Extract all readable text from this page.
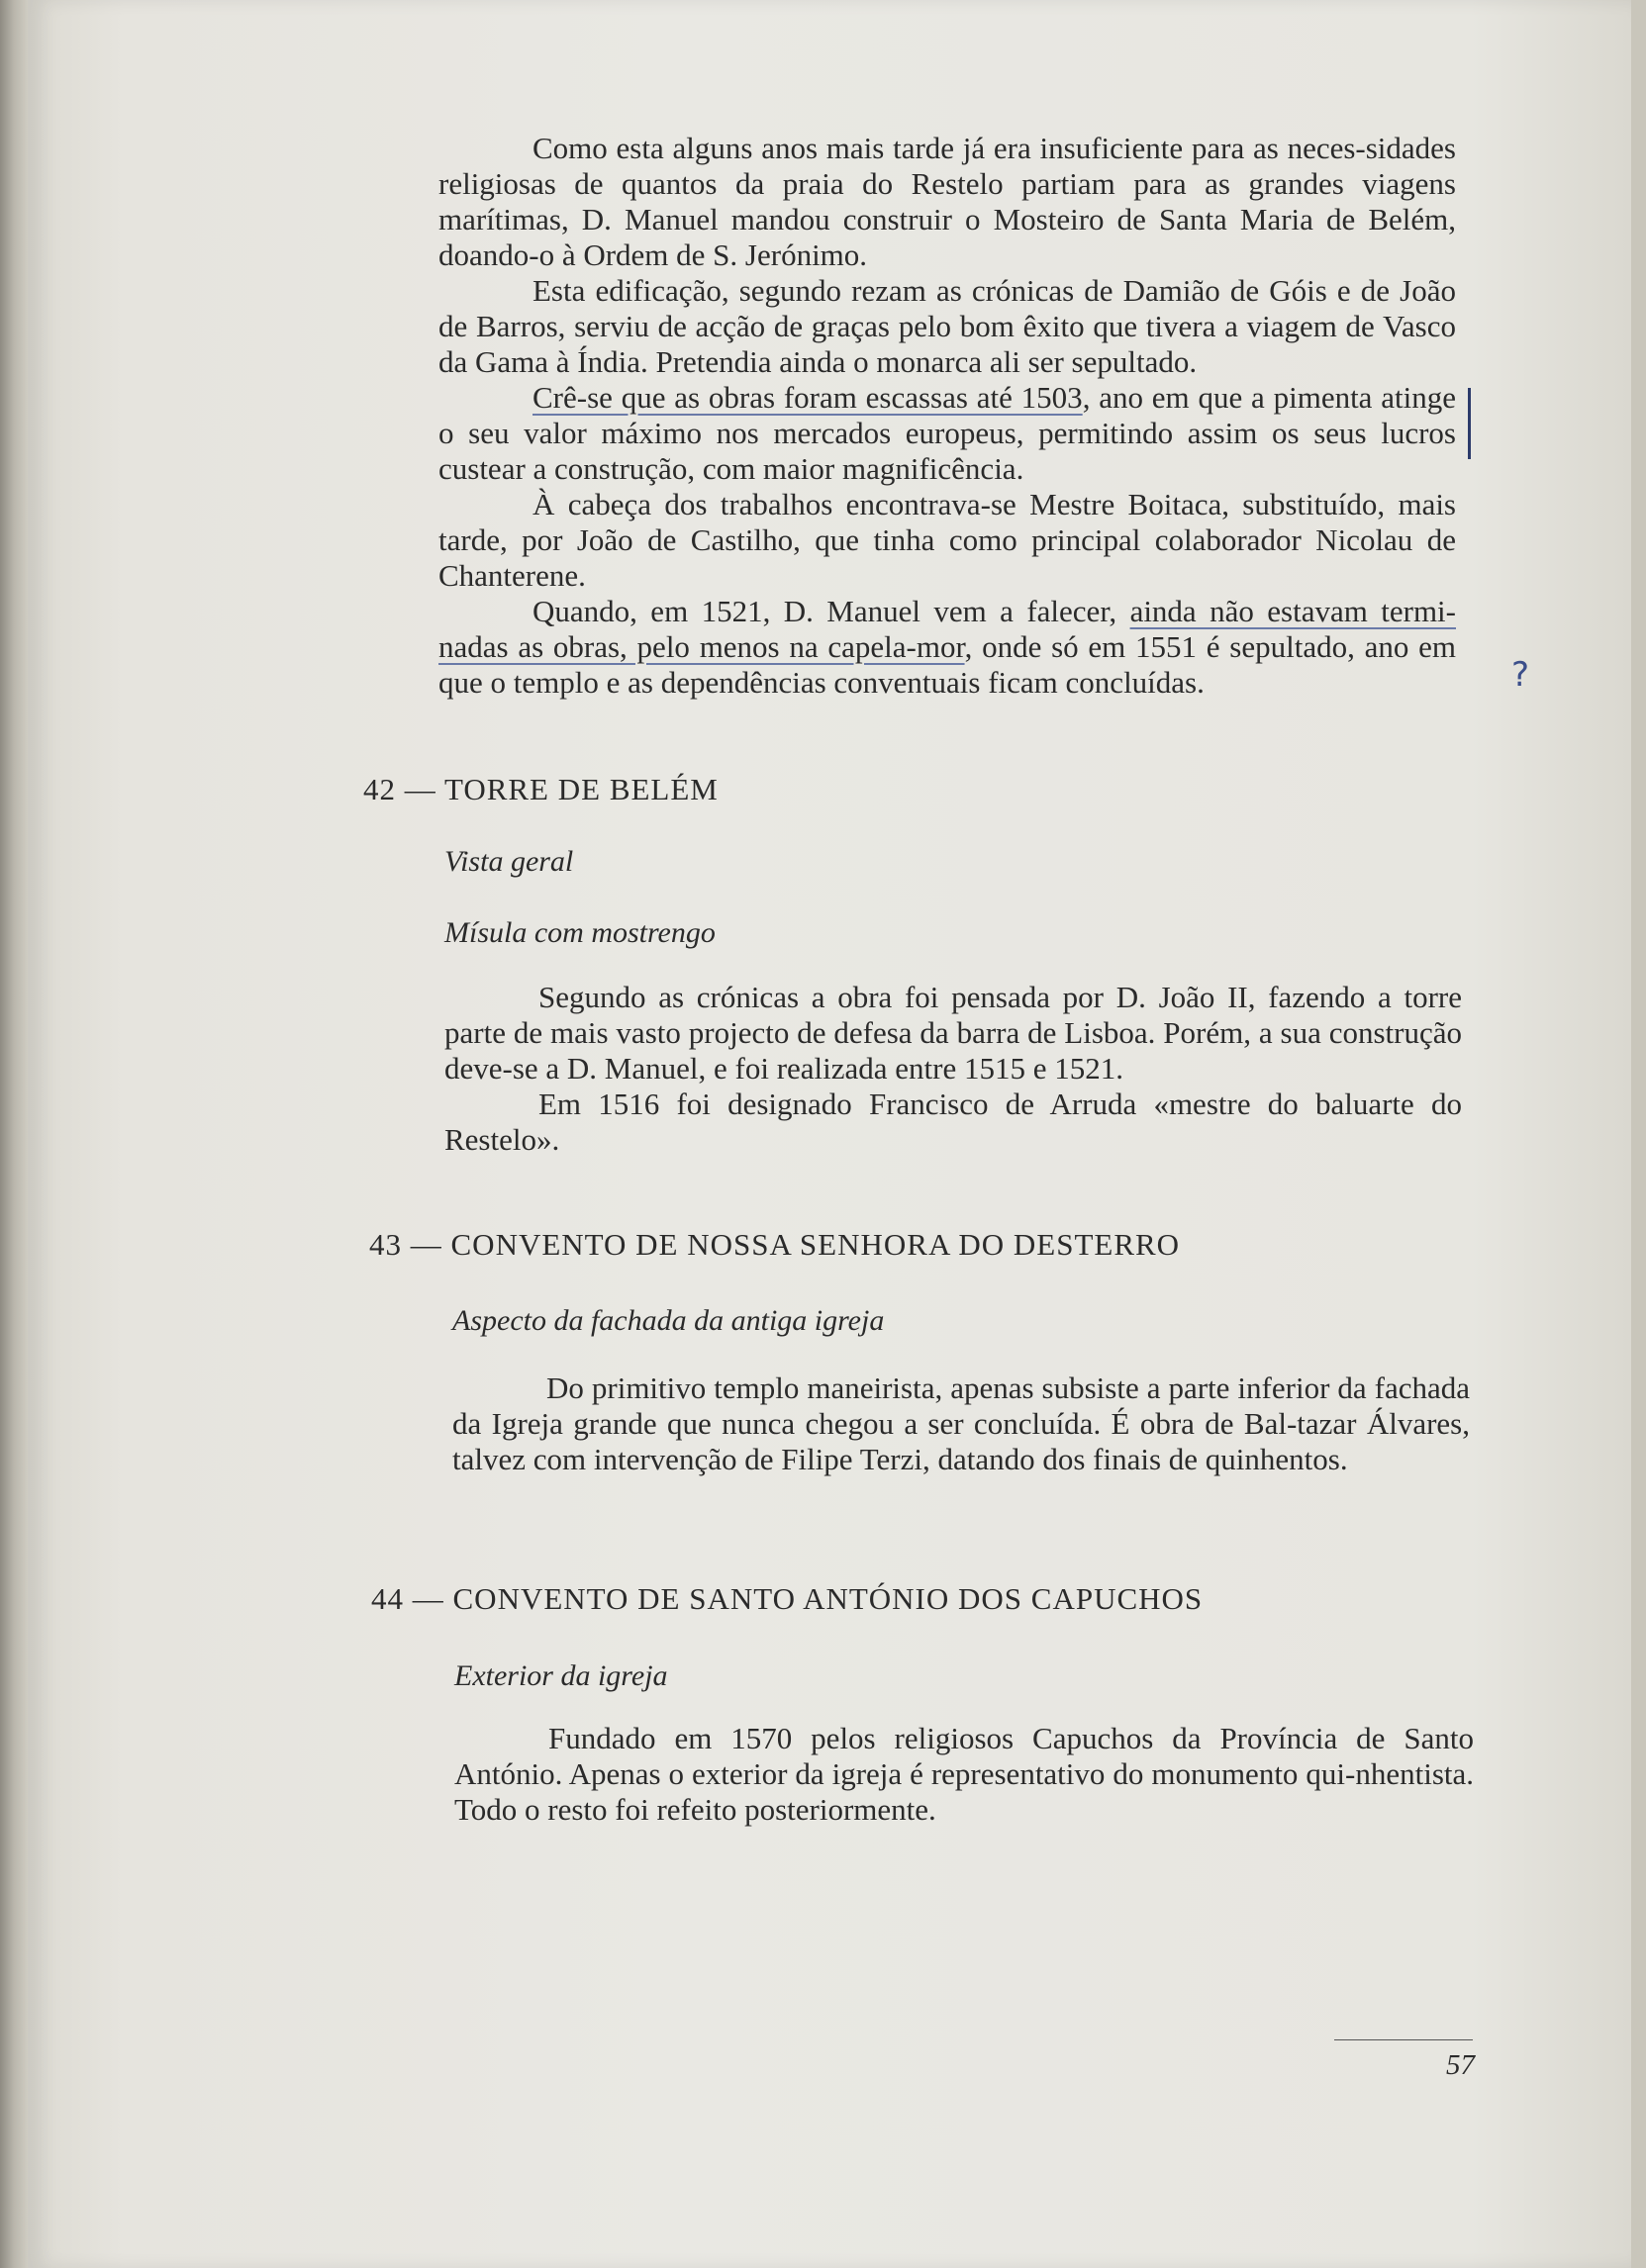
Como esta alguns anos mais tarde já era insuficiente para as neces-sidades religiosas de quantos da praia do Restelo partiam para as grandes viagens marítimas, D. Manuel mandou construir o Mosteiro de Santa Maria de Belém, doando-o à Ordem de S. Jerónimo.

Esta edificação, segundo rezam as crónicas de Damião de Góis e de João de Barros, serviu de acção de graças pelo bom êxito que tivera a viagem de Vasco da Gama à Índia. Pretendia ainda o monarca ali ser sepultado.

Crê-se que as obras foram escassas até 1503, ano em que a pimenta atinge o seu valor máximo nos mercados europeus, permitindo assim os seus lucros custear a construção, com maior magnificência.

À cabeça dos trabalhos encontrava-se Mestre Boitaca, substituído, mais tarde, por João de Castilho, que tinha como principal colaborador Nicolau de Chanterene.

Quando, em 1521, D. Manuel vem a falecer, ainda não estavam termi-nadas as obras, pelo menos na capela-mor, onde só em 1551 é sepultado, ano em que o templo e as dependências conventuais ficam concluídas.	?
42 — TORRE DE BELÉM
Vista geral
Mísula com mostrengo

Segundo as crónicas a obra foi pensada por D. João II, fazendo a torre parte de mais vasto projecto de defesa da barra de Lisboa. Porém, a sua construção deve-se a D. Manuel, e foi realizada entre 1515 e 1521.

Em 1516 foi designado Francisco de Arruda «mestre do baluarte do Restelo».

43 — CONVENTO DE NOSSA SENHORA DO DESTERRO
Aspecto da fachada da antiga igreja

Do primitivo templo maneirista, apenas subsiste a parte inferior da fachada da Igreja grande que nunca chegou a ser concluída. É obra de Bal-tazar Álvares, talvez com intervenção de Filipe Terzi, datando dos finais de quinhentos.

44 — CONVENTO DE SANTO ANTÓNIO DOS CAPUCHOS
Exterior da igreja

Fundado em 1570 pelos religiosos Capuchos da Província de Santo António. Apenas o exterior da igreja é representativo do monumento qui-nhentista. Todo o resto foi refeito posteriormente.

57
